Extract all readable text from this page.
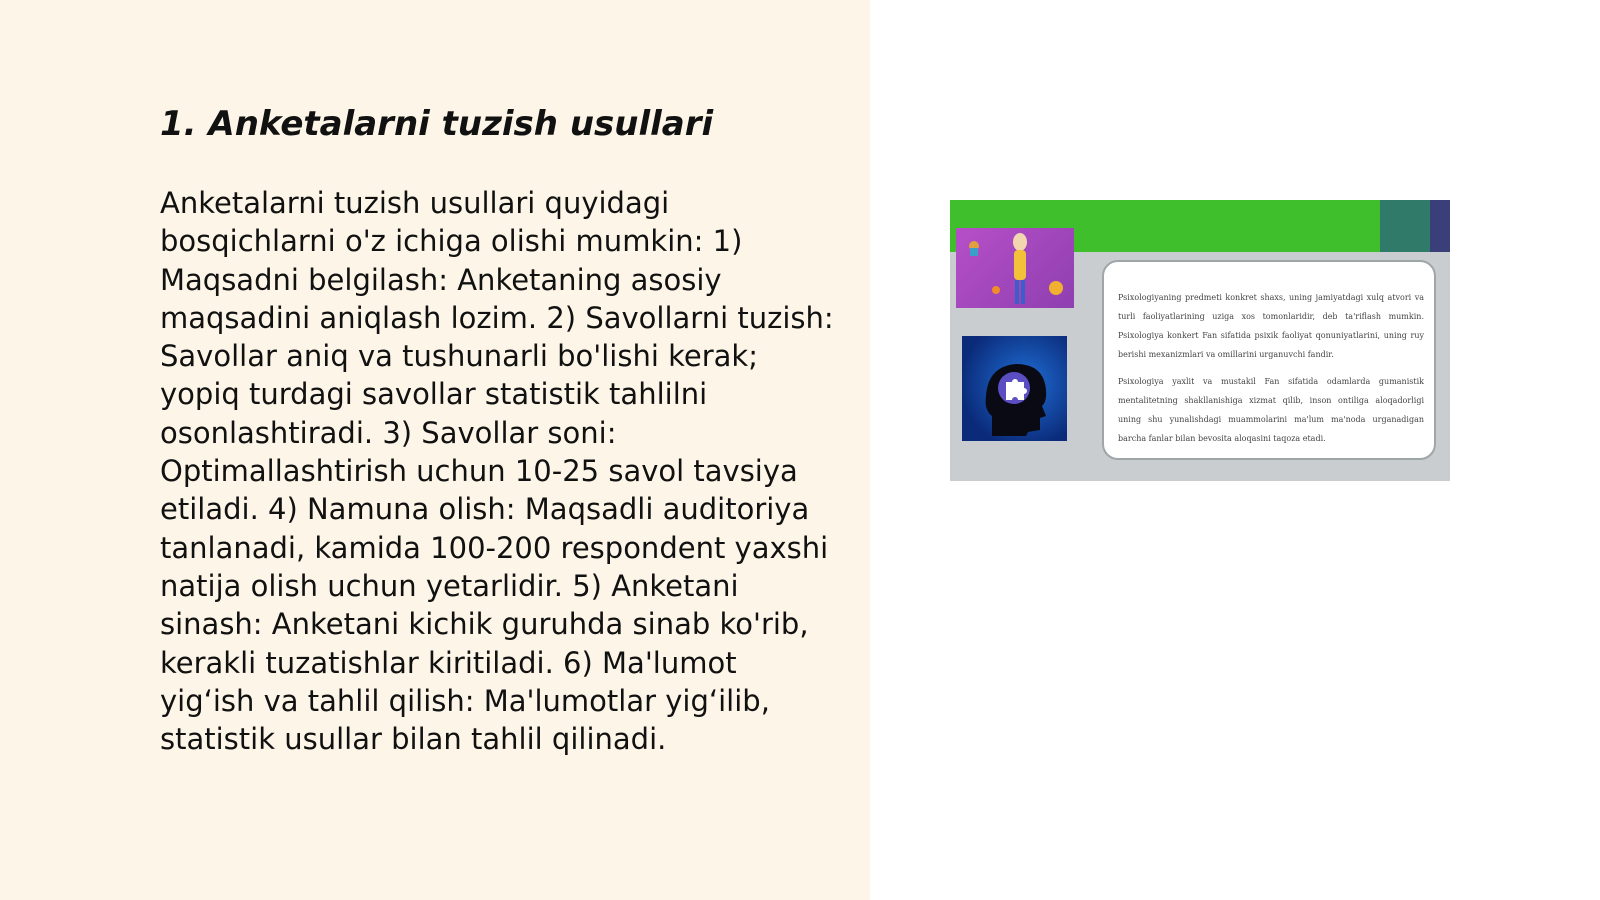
1. Anketalarni tuzish usullari

Anketalarni tuzish usullari quyidagi bosqichlarni o'z ichiga olishi mumkin: 1) Maqsadni belgilash: Anketaning asosiy maqsadini aniqlash lozim. 2) Savollarni tuzish: Savollar aniq va tushunarli bo'lishi kerak; yopiq turdagi savollar statistik tahlilni osonlashtiradi. 3) Savollar soni: Optimallashtirish uchun 10-25 savol tavsiya etiladi. 4) Namuna olish: Maqsadli auditoriya tanlanadi, kamida 100-200 respondent yaxshi natija olish uchun yetarlidir. 5) Anketani sinash: Anketani kichik guruhda sinab ko'rib, kerakli tuzatishlar kiritiladi. 6) Ma'lumot yig‘ish va tahlil qilish: Ma'lumotlar yig‘ilib, statistik usullar bilan tahlil qilinadi.

Psixologiyaning predmeti konkret shaxs, uning jamiyatdagi xulq atvori va turli faoliyatlarining uziga xos tomonlaridir, deb ta'riflash mumkin. Psixologiya konkert Fan sifatida psixik faoliyat qonuniyatlarini, uning ruy berishi mexanizmlari va omillarini urganuvchi fandir.

Psixologiya yaxlit va mustakil Fan sifatida odamlarda gumanistik mentalitetning shakllanishiga xizmat qilib, inson ontiliga aloqadorligi uning shu yunalishdagi muammolarini ma'lum ma'noda urganadigan barcha fanlar bilan bevosita aloqasini taqoza etadi.
